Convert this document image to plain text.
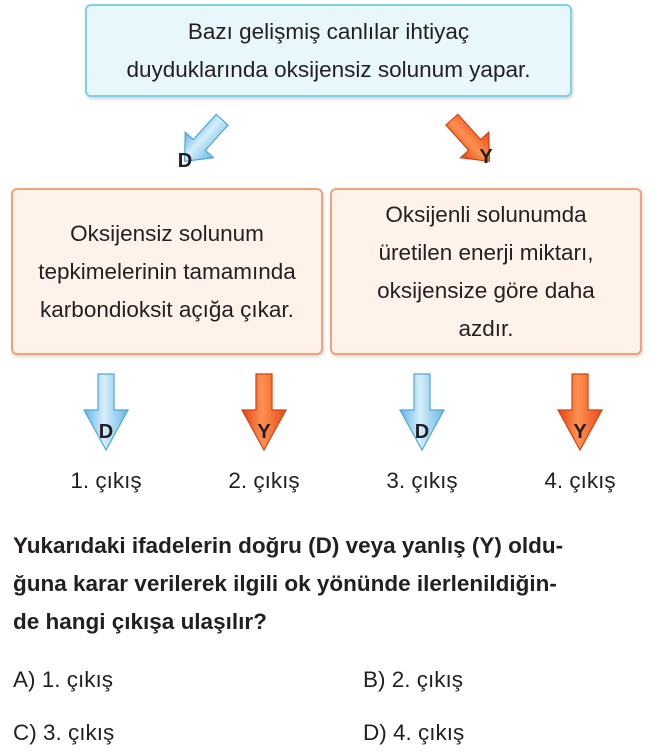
Bazı gelişmiş canlılar ihtiyaç
duyduklarında oksijensiz solunum yapar.
D	Y
Oksijensiz solunum
tepkimelerinin tamamında
karbondioksit açığa çıkar.
Oksijenli solunumda
üretilen enerji miktarı,
oksijensize göre daha
azdır.
D	Y	D	Y
1. çıkış	2. çıkış	3. çıkış	4. çıkış
Yukarıdaki ifadelerin doğru (D) veya yanlış (Y) oldu-
ğuna karar verilerek ilgili ok yönünde ilerlenildiğin-
de hangi çıkışa ulaşılır?
A) 1. çıkış	B) 2. çıkış
C) 3. çıkış	D) 4. çıkış
